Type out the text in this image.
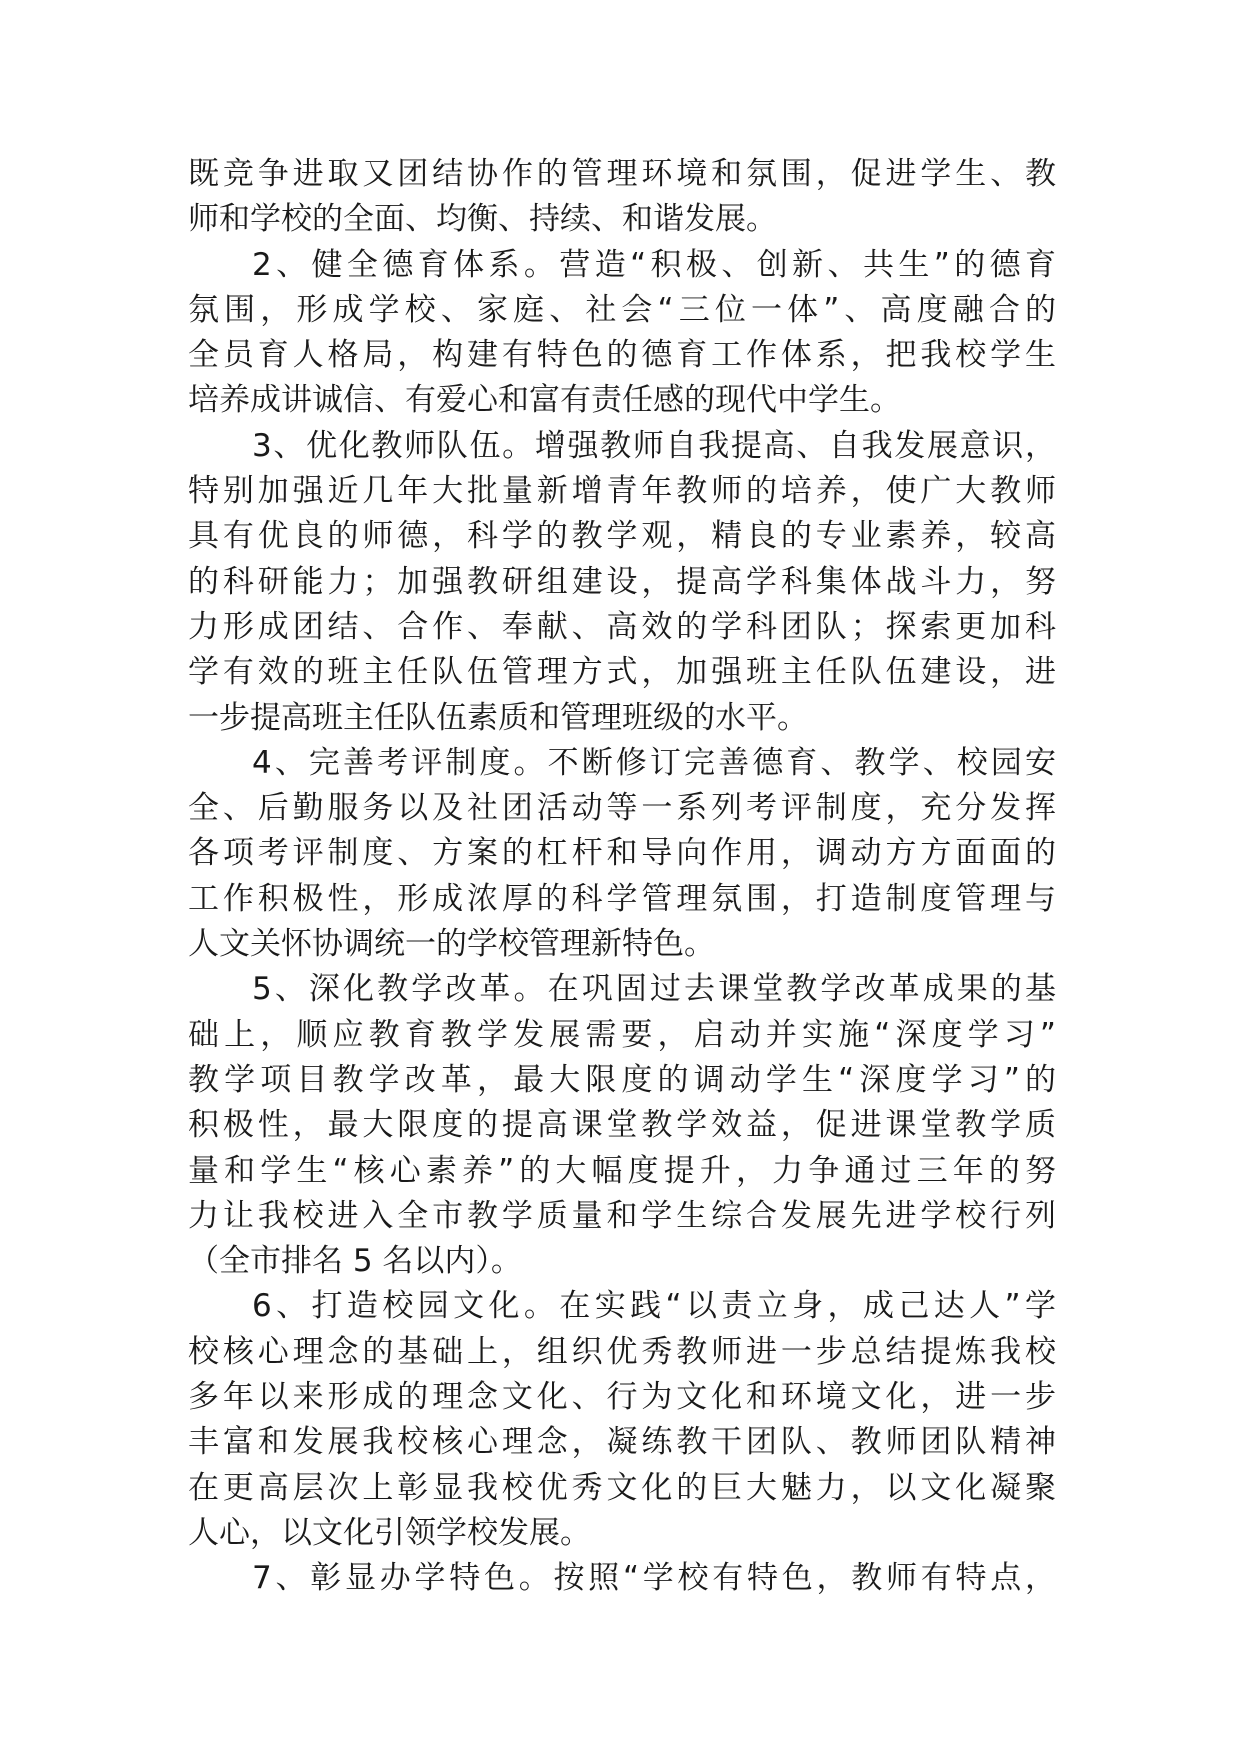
既竞争进取又团结协作的管理环境和氛围，促进学生、教
师和学校的全面、均衡、持续、和谐发展。
2、健全德育体系。营造“积极、创新、共生”的德育
氛围，形成学校、家庭、社会“三位一体”、高度融合的
全员育人格局，构建有特色的德育工作体系，把我校学生
培养成讲诚信、有爱心和富有责任感的现代中学生。
3、优化教师队伍。增强教师自我提高、自我发展意识，
特别加强近几年大批量新增青年教师的培养，使广大教师
具有优良的师德，科学的教学观，精良的专业素养，较高
的科研能力；加强教研组建设，提高学科集体战斗力，努
力形成团结、合作、奉献、高效的学科团队；探索更加科
学有效的班主任队伍管理方式，加强班主任队伍建设，进
一步提高班主任队伍素质和管理班级的水平。
4、完善考评制度。不断修订完善德育、教学、校园安
全、后勤服务以及社团活动等一系列考评制度，充分发挥
各项考评制度、方案的杠杆和导向作用，调动方方面面的
工作积极性，形成浓厚的科学管理氛围，打造制度管理与
人文关怀协调统一的学校管理新特色。
5、深化教学改革。在巩固过去课堂教学改革成果的基
础上，顺应教育教学发展需要，启动并实施“深度学习”
教学项目教学改革，最大限度的调动学生“深度学习”的
积极性，最大限度的提高课堂教学效益，促进课堂教学质
量和学生“核心素养”的大幅度提升，力争通过三年的努
力让我校进入全市教学质量和学生综合发展先进学校行列
（全市排名 5 名以内）。
6、打造校园文化。在实践“以责立身，成己达人”学
校核心理念的基础上，组织优秀教师进一步总结提炼我校
多年以来形成的理念文化、行为文化和环境文化，进一步
丰富和发展我校核心理念，凝练教干团队、教师团队精神
在更高层次上彰显我校优秀文化的巨大魅力，以文化凝聚
人心，以文化引领学校发展。
7、彰显办学特色。按照“学校有特色，教师有特点，
